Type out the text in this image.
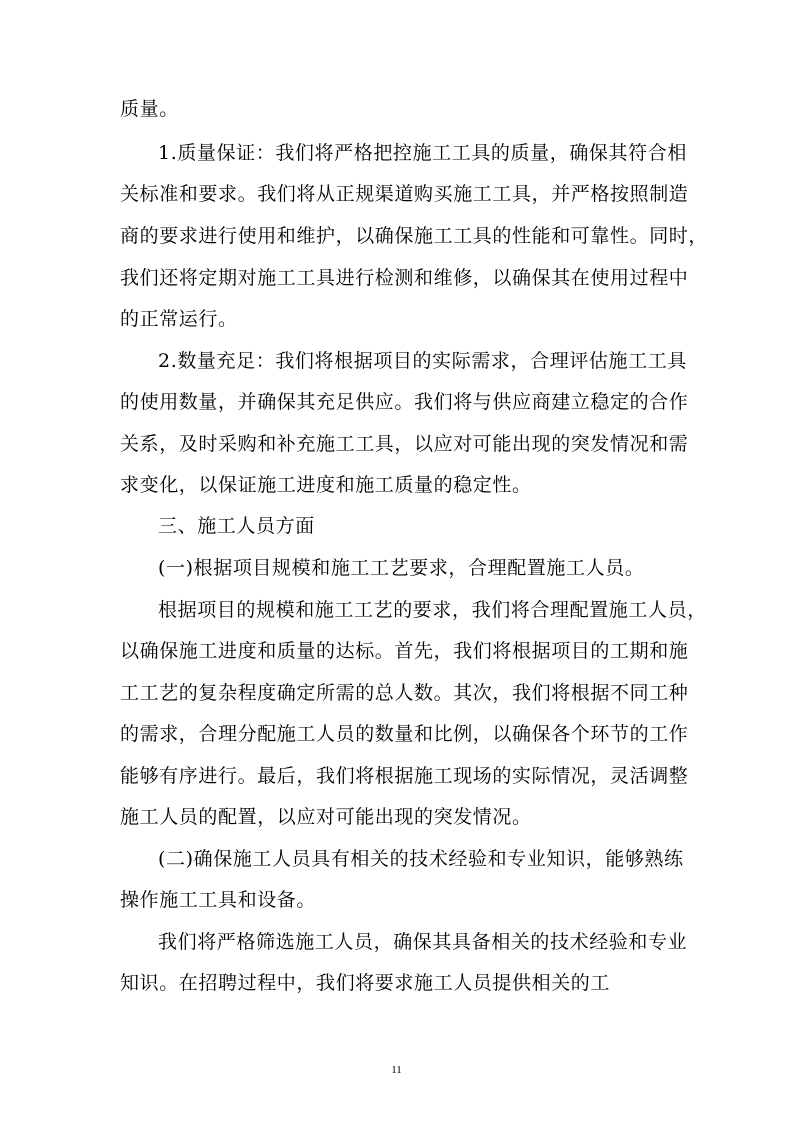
质量。
1.质量保证：我们将严格把控施工工具的质量，确保其符合相
关标准和要求。我们将从正规渠道购买施工工具，并严格按照制造
商的要求进行使用和维护，以确保施工工具的性能和可靠性。同时，
我们还将定期对施工工具进行检测和维修，以确保其在使用过程中
的正常运行。
2.数量充足：我们将根据项目的实际需求，合理评估施工工具
的使用数量，并确保其充足供应。我们将与供应商建立稳定的合作
关系，及时采购和补充施工工具，以应对可能出现的突发情况和需
求变化，以保证施工进度和施工质量的稳定性。
三、施工人员方面
(一)根据项目规模和施工工艺要求，合理配置施工人员。
根据项目的规模和施工工艺的要求，我们将合理配置施工人员，
以确保施工进度和质量的达标。首先，我们将根据项目的工期和施
工工艺的复杂程度确定所需的总人数。其次，我们将根据不同工种
的需求，合理分配施工人员的数量和比例，以确保各个环节的工作
能够有序进行。最后，我们将根据施工现场的实际情况，灵活调整
施工人员的配置，以应对可能出现的突发情况。
(二)确保施工人员具有相关的技术经验和专业知识，能够熟练
操作施工工具和设备。
我们将严格筛选施工人员，确保其具备相关的技术经验和专业
知识。在招聘过程中，我们将要求施工人员提供相关的工
11
